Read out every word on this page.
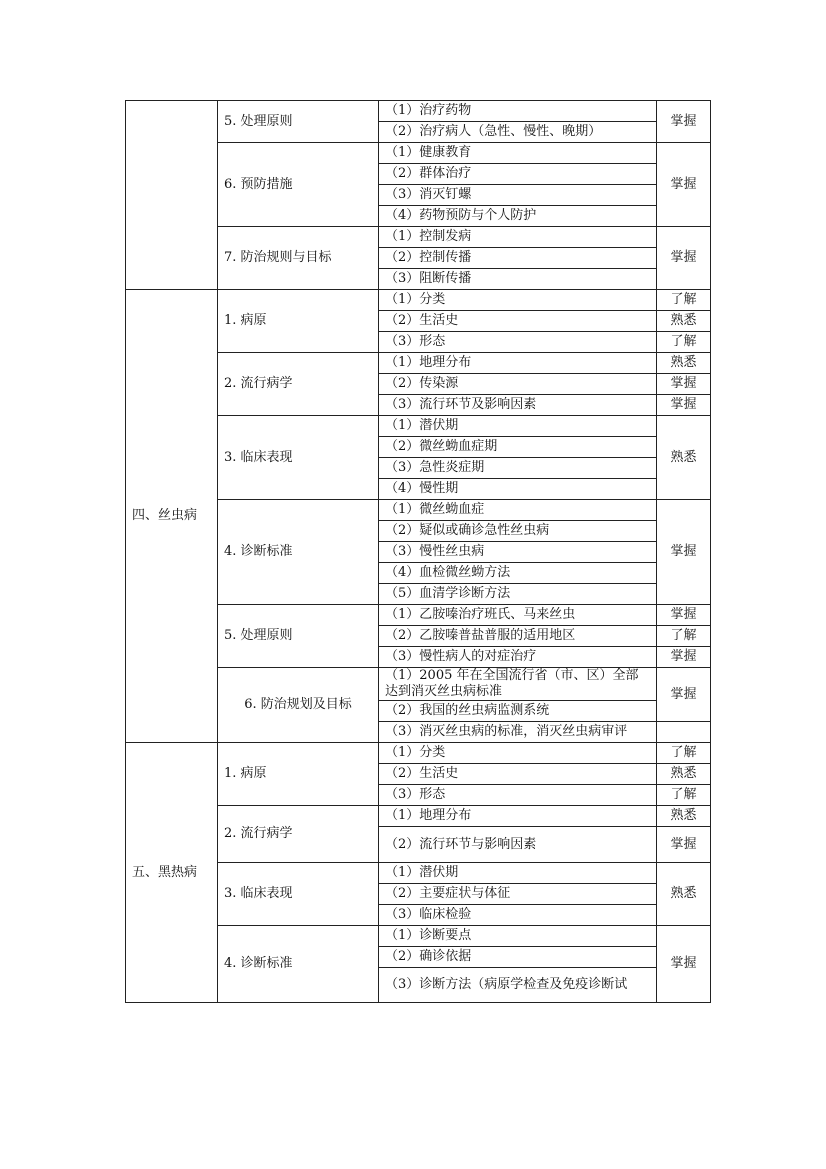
	5. 处理原则	（1）治疗药物	掌握
		（2）治疗病人（急性、慢性、晚期）	
	6. 预防措施	（1）健康教育	掌握
		（2）群体治疗	
		（3）消灭钉螺	
		（4）药物预防与个人防护	
	7. 防治规则与目标	（1）控制发病	掌握
		（2）控制传播	
		（3）阻断传播	
四、丝虫病	1. 病原	（1）分类	了解
		（2）生活史	熟悉
		（3）形态	了解
	2. 流行病学	（1）地理分布	熟悉
		（2）传染源	掌握
		（3）流行环节及影响因素	掌握
	3. 临床表现	（1）潜伏期	熟悉
		（2）微丝蚴血症期	
		（3）急性炎症期	
		（4）慢性期	
	4. 诊断标准	（1）微丝蚴血症	掌握
		（2）疑似或确诊急性丝虫病	
		（3）慢性丝虫病	
		（4）血检微丝蚴方法	
		（5）血清学诊断方法	
	5. 处理原则	（1）乙胺嗪治疗班氏、马来丝虫	掌握
		（2）乙胺嗪普盐普服的适用地区	了解
		（3）慢性病人的对症治疗	掌握
	6. 防治规划及目标	（1）2005 年在全国流行省（市、区）全部达到消灭丝虫病标准	掌握
		（2）我国的丝虫病监测系统	
		（3）消灭丝虫病的标准，消灭丝虫病审评	
五、黑热病	1. 病原	（1）分类	了解
		（2）生活史	熟悉
		（3）形态	了解
	2. 流行病学	（1）地理分布	熟悉
		（2）流行环节与影响因素	掌握
	3. 临床表现	（1）潜伏期	熟悉
		（2）主要症状与体征	
		（3）临床检验	
	4. 诊断标准	（1）诊断要点	掌握
		（2）确诊依据	
		（3）诊断方法（病原学检查及免疫诊断试	
